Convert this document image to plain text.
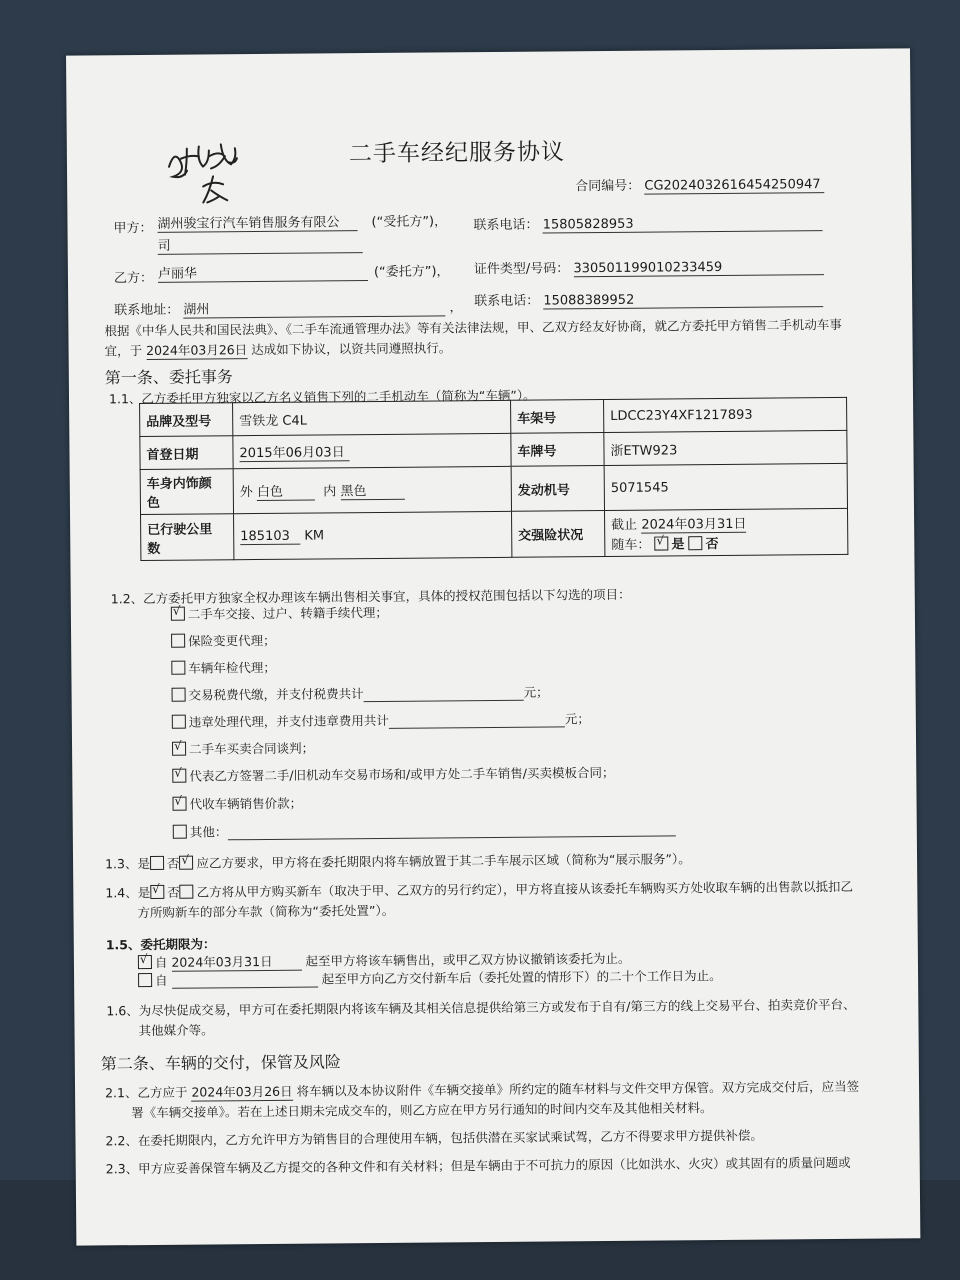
二手车经纪服务协议
合同编号： CG2024032616454250947
甲方： 湖州骏宝行汽车销售服务有限公
司
(“受托方”)， 联系电话： 15805828953
乙方： 卢丽华	(“委托方”)， 证件类型/号码： 330501199010233459
联系地址： 湖州	， 联系电话： 15088389952
根据《中华人民共和国民法典》、《二手车流通管理办法》等有关法律法规，甲、乙双方经友好协商，就乙方委托甲方销售二手机动车事
宜，于 2024年03月26日 达成如下协议，以资共同遵照执行。
第一条、委托事务
1.1、乙方委托甲方独家以乙方名义销售下列的二手机动车（简称为“车辆”）。
品牌及型号	雪铁龙 C4L	车架号	LDCC23Y4XF1217893
首登日期	2015年06月03日	车牌号	浙ETW923
车身内饰颜
色	外 白色 内 黑色	发动机号	5071545
已行驶公里
数	185103 KM	交强险状况	截止 2024年03月31日
随车： √ 是 否
1.2、乙方委托甲方独家全权办理该车辆出售相关事宜，具体的授权范围包括以下勾选的项目：
√ 二手车交接、过户、转籍手续代理；
保险变更代理；
车辆年检代理；
交易税费代缴，并支付税费共计	元；
违章处理代理，并支付违章费用共计	元；
√ 二手车买卖合同谈判；
√ 代表乙方签署二手/旧机动车交易市场和/或甲方处二手车销售/买卖模板合同；
√ 代收车辆销售价款；
其他：
1.3、是 否 √ 应乙方要求，甲方将在委托期限内将车辆放置于其二手车展示区域（简称为“展示服务”）。
1.4、是 √ 否 乙方将从甲方购买新车（取决于甲、乙双方的另行约定），甲方将直接从该委托车辆购买方处收取车辆的出售款以抵扣乙
方所购新车的部分车款（简称为“委托处置”）。
1.5、委托期限为：
√ 自 2024年03月31日	起至甲方将该车辆售出，或甲乙双方协议撤销该委托为止。
自	起至甲方向乙方交付新车后（委托处置的情形下）的二十个工作日为止。
1.6、为尽快促成交易，甲方可在委托期限内将该车辆及其相关信息提供给第三方或发布于自有/第三方的线上交易平台、拍卖竞价平台、
其他媒介等。
第二条、车辆的交付，保管及风险
2.1、乙方应于 2024年03月26日 将车辆以及本协议附件《车辆交接单》所约定的随车材料与文件交甲方保管。双方完成交付后，应当签
署《车辆交接单》。若在上述日期未完成交车的，则乙方应在甲方另行通知的时间内交车及其他相关材料。
2.2、在委托期限内，乙方允许甲方为销售目的合理使用车辆，包括供潜在买家试乘试驾，乙方不得要求甲方提供补偿。
2.3、甲方应妥善保管车辆及乙方提交的各种文件和有关材料；但是车辆由于不可抗力的原因（比如洪水、火灾）或其固有的质量问题或
